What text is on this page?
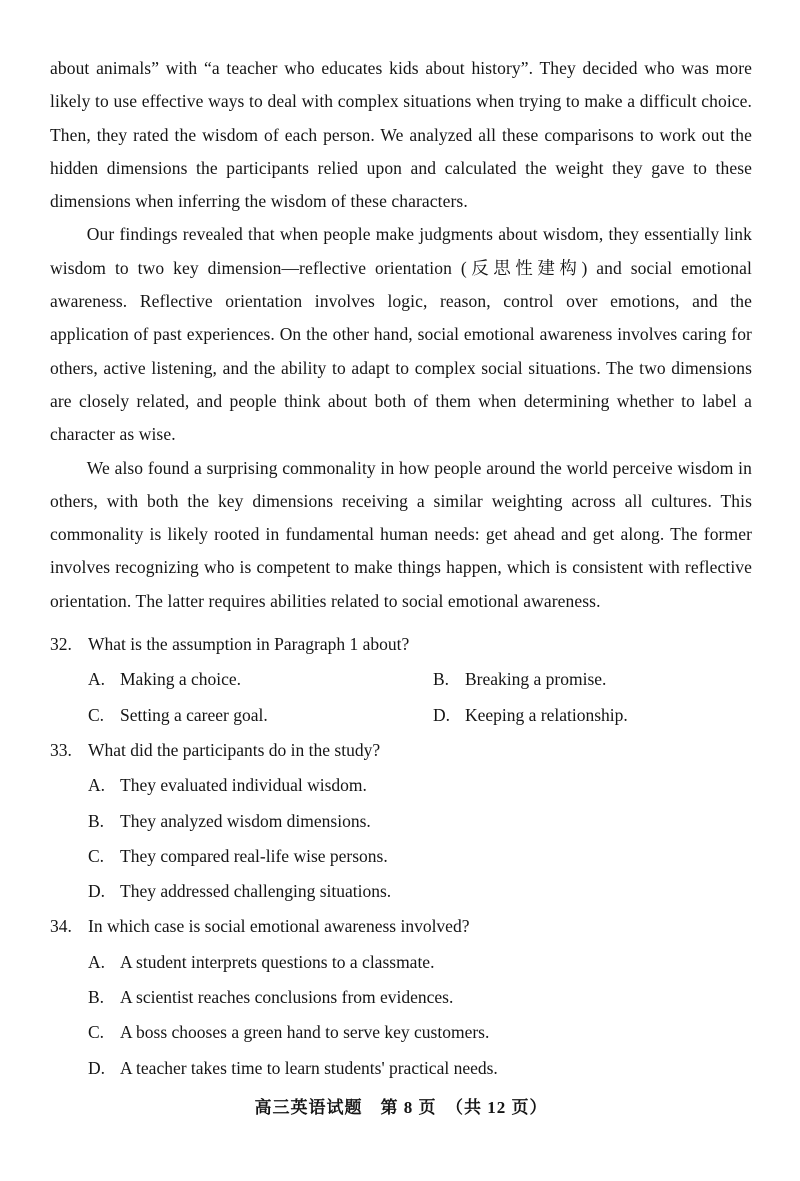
about animals” with “a teacher who educates kids about history”. They decided who was more likely to use effective ways to deal with complex situations when trying to make a difficult choice. Then, they rated the wisdom of each person. We analyzed all these comparisons to work out the hidden dimensions the participants relied upon and calculated the weight they gave to these dimensions when inferring the wisdom of these characters.

Our findings revealed that when people make judgments about wisdom, they essentially link wisdom to two key dimension—reflective orientation (反思性建构) and social emotional awareness. Reflective orientation involves logic, reason, control over emotions, and the application of past experiences. On the other hand, social emotional awareness involves caring for others, active listening, and the ability to adapt to complex social situations. The two dimensions are closely related, and people think about both of them when determining whether to label a character as wise.

We also found a surprising commonality in how people around the world perceive wisdom in others, with both the key dimensions receiving a similar weighting across all cultures. This commonality is likely rooted in fundamental human needs: get ahead and get along. The former involves recognizing who is competent to make things happen, which is consistent with reflective orientation. The latter requires abilities related to social emotional awareness.

32. What is the assumption in Paragraph 1 about?
A. Making a choice.	B. Breaking a promise.
C. Setting a career goal.	D. Keeping a relationship.
33. What did the participants do in the study?
A. They evaluated individual wisdom.
B. They analyzed wisdom dimensions.
C. They compared real-life wise persons.
D. They addressed challenging situations.
34. In which case is social emotional awareness involved?
A. A student interprets questions to a classmate.
B. A scientist reaches conclusions from evidences.
C. A boss chooses a green hand to serve key customers.
D. A teacher takes time to learn students' practical needs.
高三英语试题　第 8 页　（共 12 页）
